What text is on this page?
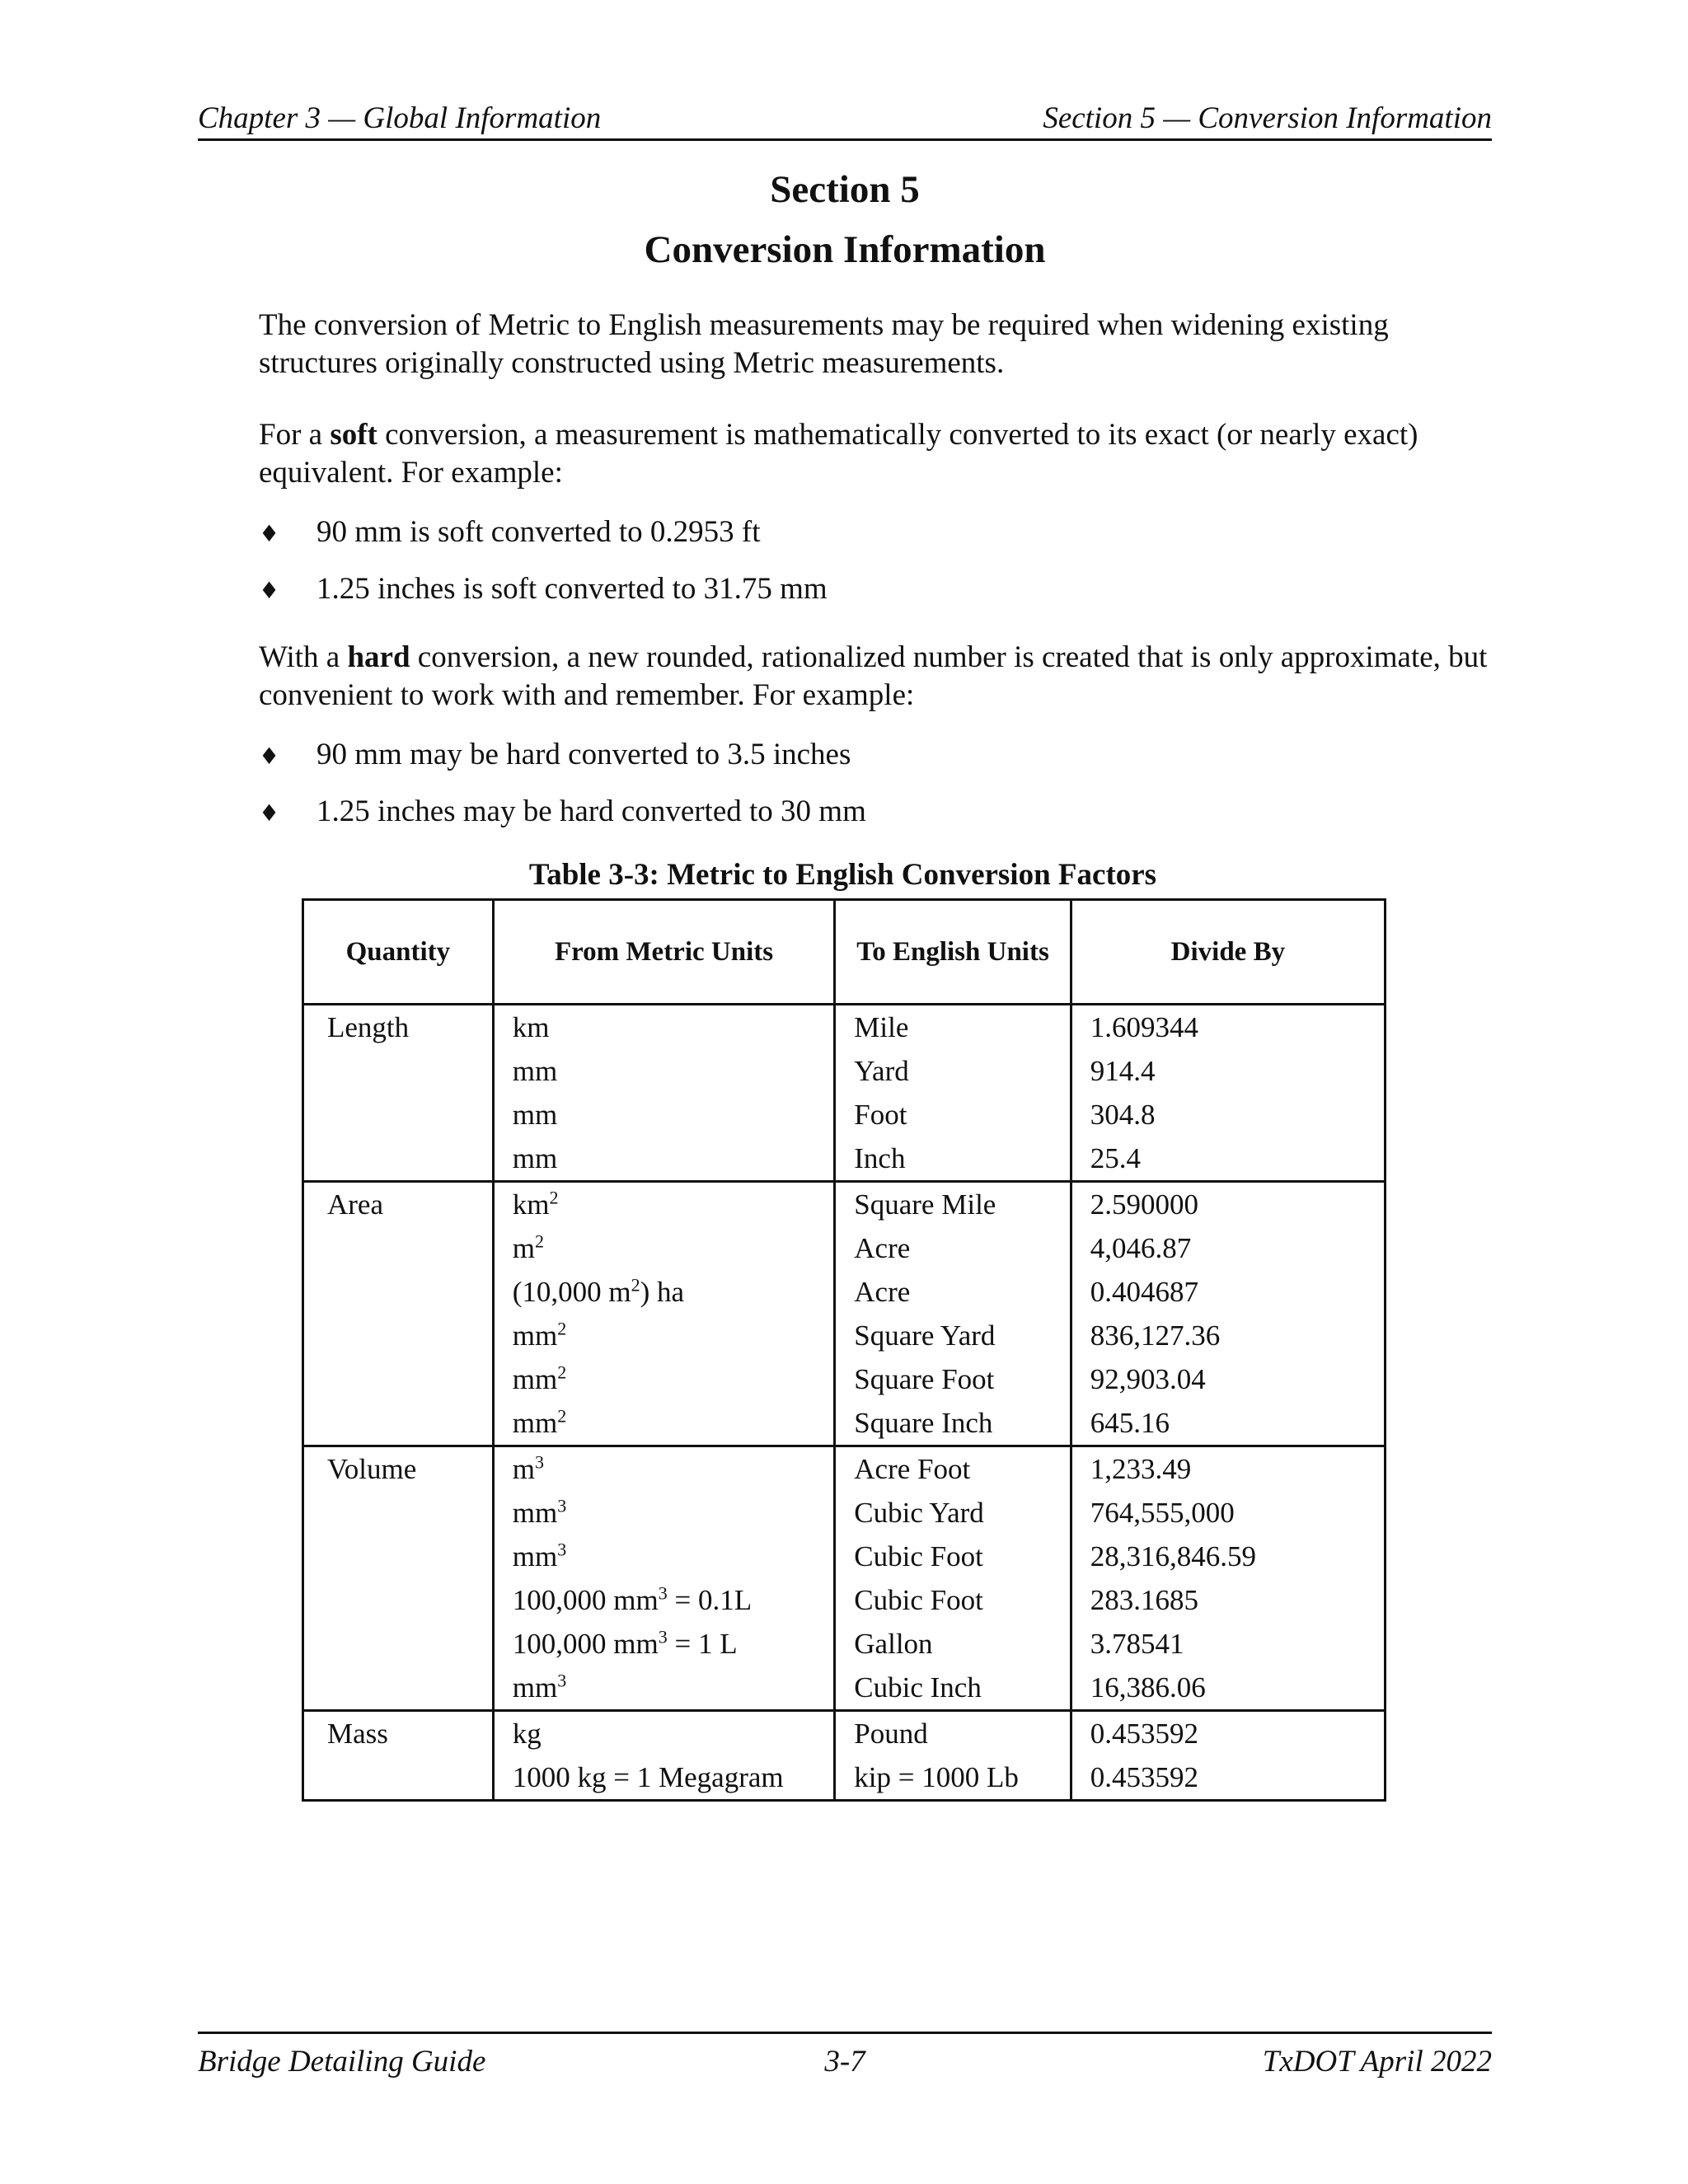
Chapter 3 — Global Information	Section 5 — Conversion Information
Section 5
Conversion Information
The conversion of Metric to English measurements may be required when widening existing structures originally constructed using Metric measurements.
For a soft conversion, a measurement is mathematically converted to its exact (or nearly exact) equivalent. For example:
♦	90 mm is soft converted to 0.2953 ft
♦	1.25 inches is soft converted to 31.75 mm
With a hard conversion, a new rounded, rationalized number is created that is only approximate, but convenient to work with and remember. For example:
♦	90 mm may be hard converted to 3.5 inches
♦	1.25 inches may be hard converted to 30 mm
Table 3-3: Metric to English Conversion Factors
Quantity	From Metric Units	To English Units	Divide By
Length	km	Mile	1.609344
	mm	Yard	914.4
	mm	Foot	304.8
	mm	Inch	25.4
Area	$km^2$	Square Mile	2.590000
	$m^2$	Acre	4,046.87
	(10,000 $m^2$) ha	Acre	0.404687
	$mm^2$	Square Yard	836,127.36
	$mm^2$	Square Foot	92,903.04
	$mm^2$	Square Inch	645.16
Volume	$m^3$	Acre Foot	1,233.49
	$mm^3$	Cubic Yard	764,555,000
	$mm^3$	Cubic Foot	28,316,846.59
	100,000 $mm^3 = 0.1L$	Cubic Foot	283.1685
	100,000 $mm^3 = 1$ L	Gallon	3.78541
	$mm^3$	Cubic Inch	16,386.06
Mass	kg	Pound	0.453592
	1000 kg = 1 Megagram	kip = 1000 Lb	0.453592
Bridge Detailing Guide	3-7	TxDOT April 2022
